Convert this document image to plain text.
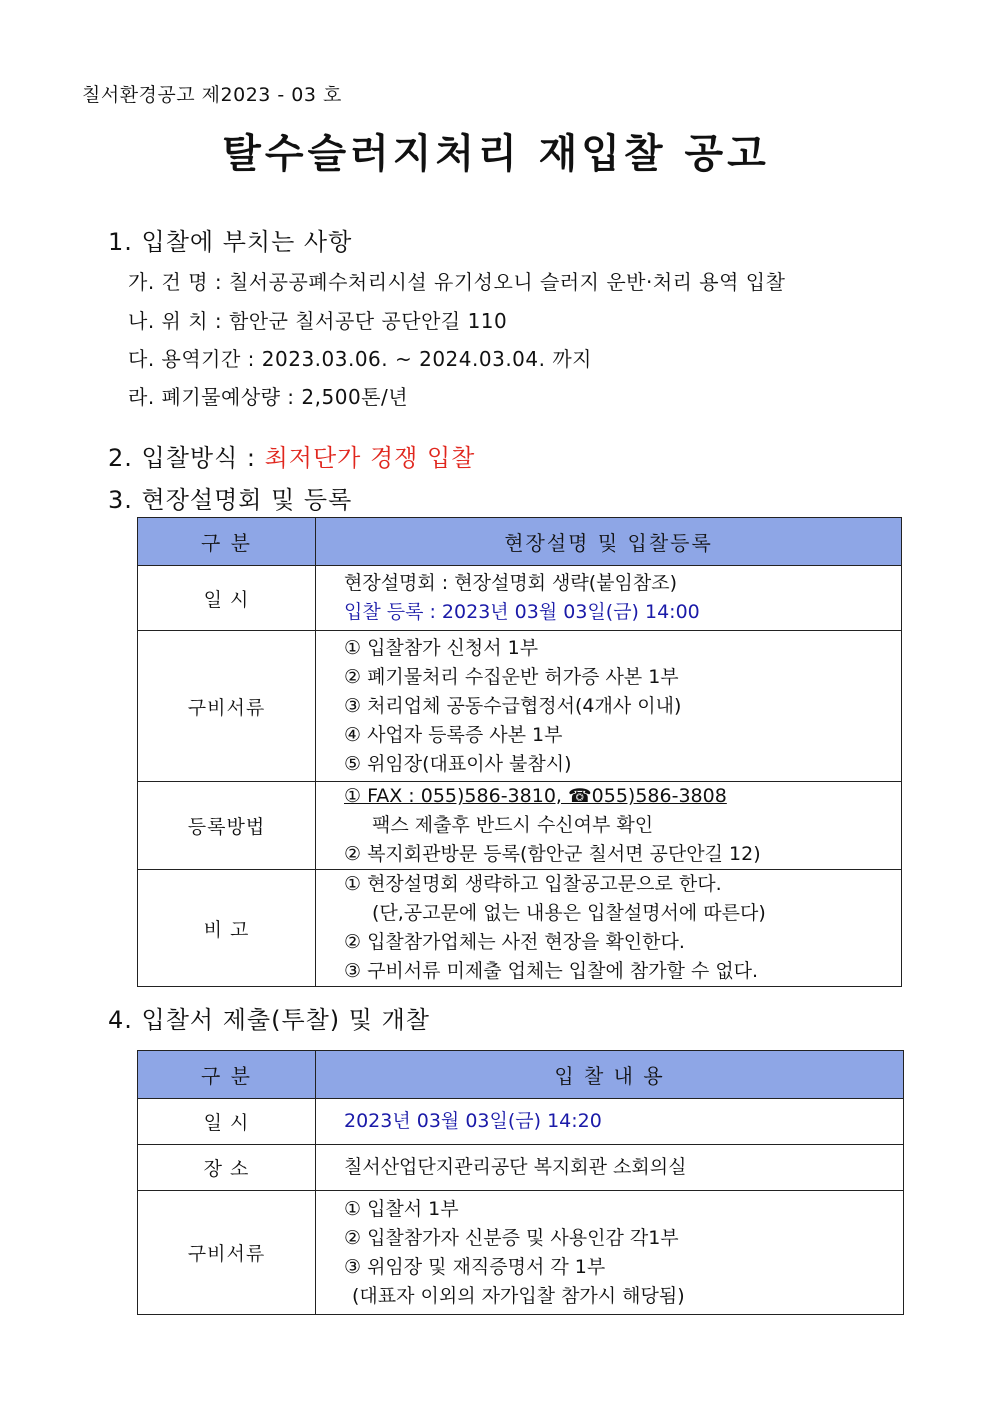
칠서환경공고 제2023 - 03 호
탈수슬러지처리 재입찰 공고
1. 입찰에 부치는 사항
가. 건 명 : 칠서공공폐수처리시설 유기성오니 슬러지 운반·처리 용역 입찰
나. 위 치 : 함안군 칠서공단 공단안길 110
다. 용역기간 : 2023.03.06. ~ 2024.03.04. 까지
라. 폐기물예상량 : 2,500톤/년
2. 입찰방식 : 최저단가 경쟁 입찰
3. 현장설명회 및 등록
구 분	현장설명 및 입찰등록
일 시	현장설명회 : 현장설명회 생략(붙임참조)
입찰 등록 : 2023년 03월 03일(금) 14:00

구비서류	① 입찰참가 신청서 1부
② 폐기물처리 수집운반 허가증 사본 1부
③ 처리업체 공동수급협정서(4개사 이내)
④ 사업자 등록증 사본 1부
⑤ 위임장(대표이사 불참시)

등록방법	① FAX : 055)586-3810, ☎055)586-3808
팩스 제출후 반드시 수신여부 확인
② 복지회관방문 등록(함안군 칠서면 공단안길 12)

비 고	① 현장설명회 생략하고 입찰공고문으로 한다.
(단,공고문에 없는 내용은 입찰설명서에 따른다)
② 입찰참가업체는 사전 현장을 확인한다.
③ 구비서류 미제출 업체는 입찰에 참가할 수 없다.
4. 입찰서 제출(투찰) 및 개찰
구 분	입 찰 내 용
일 시	2023년 03월 03일(금) 14:20
장 소	칠서산업단지관리공단 복지회관 소회의실
구비서류	① 입찰서 1부
② 입찰참가자 신분증 및 사용인감 각1부
③ 위임장 및 재직증명서 각 1부
(대표자 이외의 자가입찰 참가시 해당됨)
